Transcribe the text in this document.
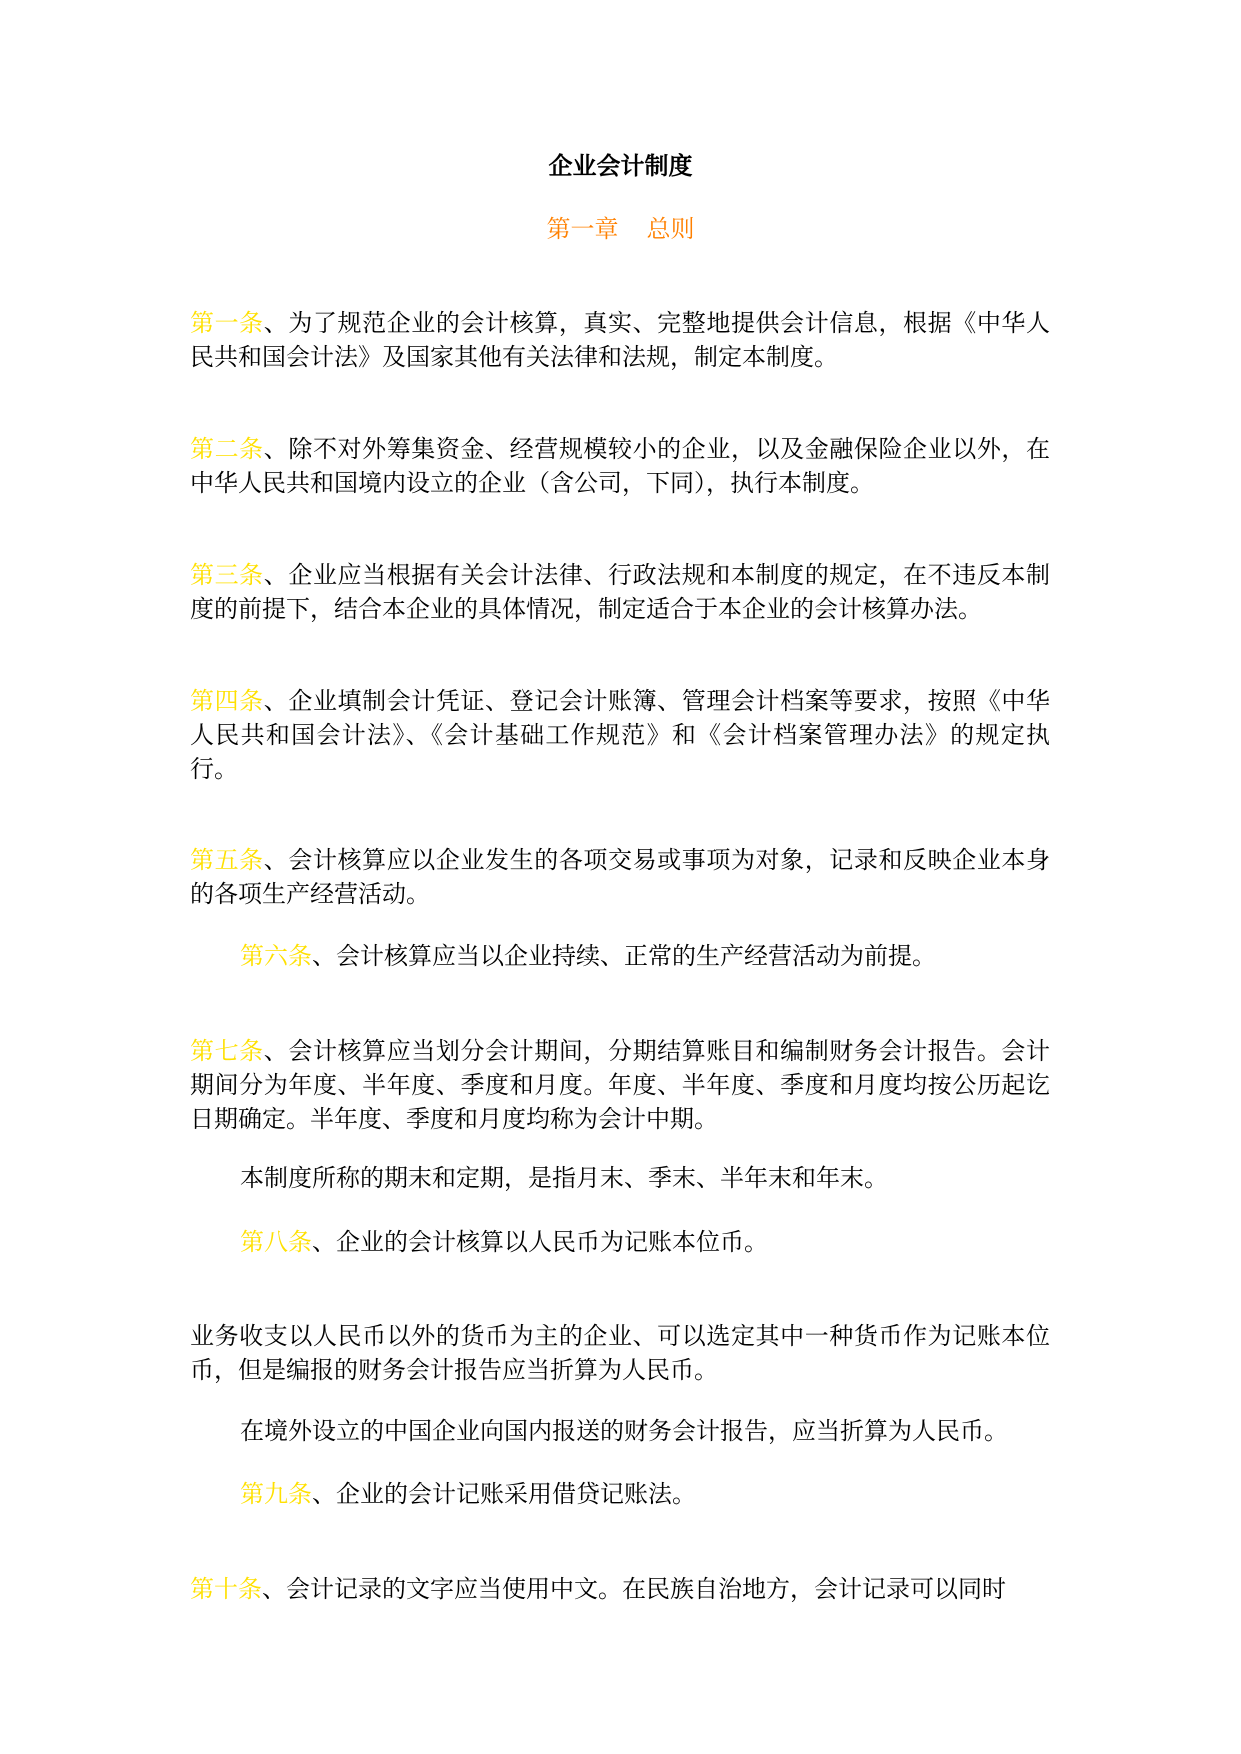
企业会计制度
第一章 总则

第一条、为了规范企业的会计核算，真实、完整地提供会计信息，根据《中华人民共和国会计法》及国家其他有关法律和法规，制定本制度。

第二条、除不对外筹集资金、经营规模较小的企业，以及金融保险企业以外，在中华人民共和国境内设立的企业（含公司，下同），执行本制度。

第三条、企业应当根据有关会计法律、行政法规和本制度的规定，在不违反本制度的前提下，结合本企业的具体情况，制定适合于本企业的会计核算办法。

第四条、企业填制会计凭证、登记会计账簿、管理会计档案等要求，按照《中华人民共和国会计法》、《会计基础工作规范》和《会计档案管理办法》的规定执行。

第五条、会计核算应以企业发生的各项交易或事项为对象，记录和反映企业本身的各项生产经营活动。

第六条、会计核算应当以企业持续、正常的生产经营活动为前提。

第七条、会计核算应当划分会计期间，分期结算账目和编制财务会计报告。会计期间分为年度、半年度、季度和月度。年度、半年度、季度和月度均按公历起讫日期确定。半年度、季度和月度均称为会计中期。

本制度所称的期末和定期，是指月末、季末、半年末和年末。

第八条、企业的会计核算以人民币为记账本位币。

业务收支以人民币以外的货币为主的企业、可以选定其中一种货币作为记账本位币，但是编报的财务会计报告应当折算为人民币。

在境外设立的中国企业向国内报送的财务会计报告，应当折算为人民币。

第九条、企业的会计记账采用借贷记账法。

第十条、会计记录的文字应当使用中文。在民族自治地方，会计记录可以同时
